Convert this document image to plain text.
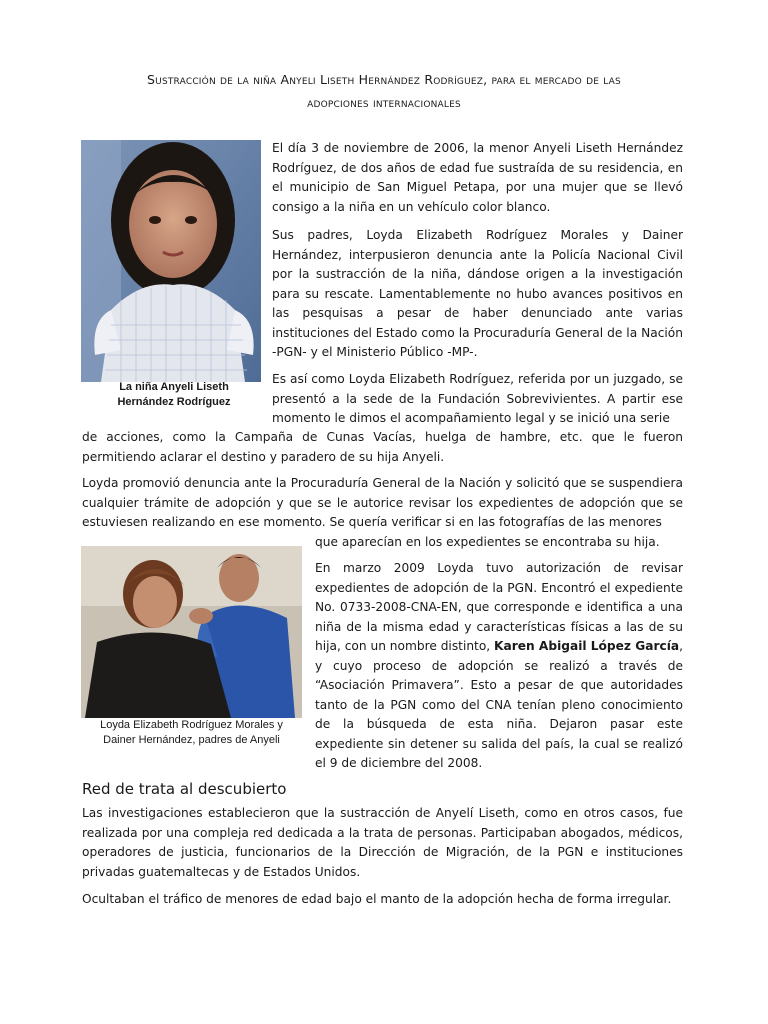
Sustracción de la niña Anyeli Liseth Hernández Rodríguez, para el mercado de las
adopciones internacionales
La niña Anyeli Liseth
Hernández Rodríguez

El día 3 de noviembre de 2006, la menor Anyeli Liseth Hernández Rodríguez, de dos años de edad fue sustraída de su residencia, en el municipio de San Miguel Petapa, por una mujer que se llevó consigo a la niña en un vehículo color blanco.

Sus padres, Loyda Elizabeth Rodríguez Morales y Dainer Hernández, interpusieron denuncia ante la Policía Nacional Civil por la sustracción de la niña, dándose origen a la investigación para su rescate. Lamentablemente no hubo avances positivos en las pesquisas a pesar de haber denunciado ante varias instituciones del Estado como la Procuraduría General de la Nación -PGN- y el Ministerio Público -MP-.

Es así como Loyda Elizabeth Rodríguez, referida por un juzgado, se presentó a la sede de la Fundación Sobrevivientes. A partir ese momento le dimos el acompañamiento legal y se inició una serie

de acciones, como la Campaña de Cunas Vacías, huelga de hambre, etc. que le fueron permitiendo aclarar el destino y paradero de su hija Anyeli.

Loyda promovió denuncia ante la Procuraduría General de la Nación y solicitó que se suspendiera cualquier trámite de adopción y que se le autorice revisar los expedientes de adopción que se estuviesen realizando en ese momento. Se quería verificar si en las fotografías de las menores

que aparecían en los expedientes se encontraba su hija.

Loyda Elizabeth Rodríguez Morales y
Dainer Hernández, padres de Anyeli

En marzo 2009 Loyda tuvo autorización de revisar expedientes de adopción de la PGN. Encontró el expediente No. 0733-2008-CNA-EN, que corresponde e identifica a una niña de la misma edad y características físicas a las de su hija, con un nombre distinto, Karen Abigail López García, y cuyo proceso de adopción se realizó a través de “Asociación Primavera”. Esto a pesar de que autoridades tanto de la PGN como del CNA tenían pleno conocimiento de la búsqueda de esta niña. Dejaron pasar este expediente sin detener su salida del país, la cual se realizó el 9 de diciembre del 2008.

Red de trata al descubierto

Las investigaciones establecieron que la sustracción de Anyelí Liseth, como en otros casos, fue realizada por una compleja red dedicada a la trata de personas. Participaban abogados, médicos, operadores de justicia, funcionarios de la Dirección de Migración, de la PGN e instituciones privadas guatemaltecas y de Estados Unidos.

Ocultaban el tráfico de menores de edad bajo el manto de la adopción hecha de forma irregular.
